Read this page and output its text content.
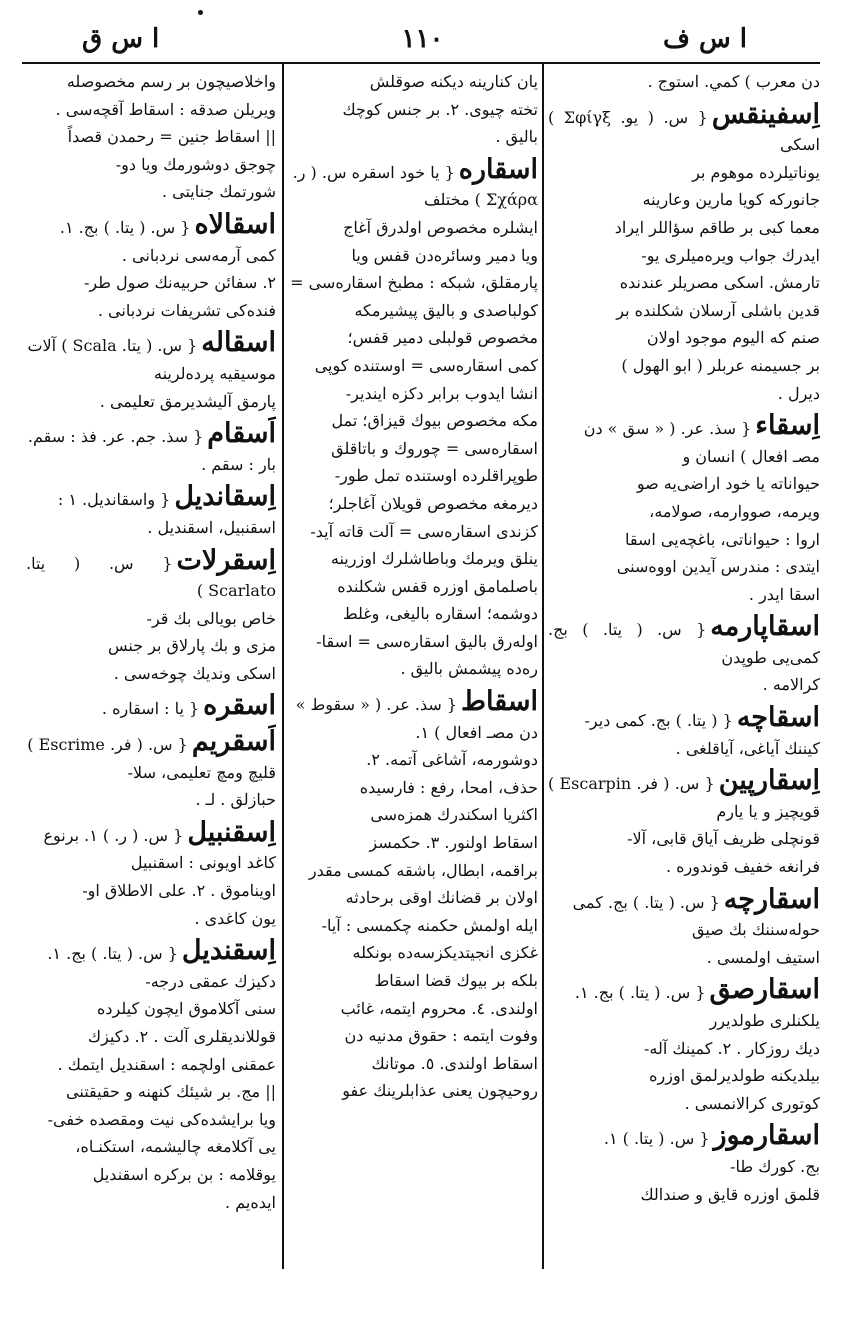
ا س ق	١١٠	ا س ف
دن معرب ) كمي. استوج .
اِسفينقس{ س. ( يو. Σφίγξ ) اسكی

يوناتيلرده موهوم بر
جانوركه كويا مارين وعارينه
معما كبی بر طاقم سؤاللر ايراد
ايدرك جواب ويره‌ميلری يو-
تارمش. اسكی مصريلر عندنده
قدين باشلی آرسلان شكلنده بر
صنم كه اليوم موجود اولان
بر جسيمنه عربلر ( ابو الهول )
ديرل .
اِسقاء{ سذ. عر. ( « سق » دن

مصـ افعال ) انسان و
حيواناته يا خود اراضی‌يه صو
ويرمه، صووارمه، صولامه،
اروا : حيواناتی، باغچه‌يی اسقا
ايتدی : مندرس آيدين اووه‌سنی
اسقا ايدر .
اسقاپارمه{ س. ( يتا. ) بج. كمی‌يی طوپدن

كرالامه .
اسقاچه{ ( يتا. ) بج. كمی دير-

كيننك آياغی، آياقلغی .
اِسقارپين{ س. ( فر. Escarpin ) قويچيز و يا يارم

قونچلی ظريف آياق قابی، آلا-
فرانغه خفيف قوندوره .
اسقارچه{ س. ( يتا. ) بج. كمی

حوله‌سننك بك صيق
استيف اولمسی .
اسقارصق{ س. ( يتا. ) بج. ١.

يلكنلری طولديرر
ديك روزكار . ٢. كمينك آله-
بيلديكنه طولديرلمق اوزره
كوتوری كرالانمسی .
اسقارموز{ س. ( يتا. ) ١.

بج. كورك طا-
قلمق اوزره قايق و صندالك
يان كنارينه ديكنه صوقلش
تخته چيوی. ٢. بر جنس كوچك
باليق .
اسقاره{ يا خود اسقره س. ( ر.

Σχάρα ) مختلف
ايشلره مخصوص اولدرق آغاج
ويا دمير وسائره‌دن قفس ويا
پارمقلق، شبكه : مطبخ اسقاره‌سی =
كولباصدی و باليق پيشيرمكه
مخصوص قولبلی دمير قفس؛
كمی اسقاره‌سی = اوستنده كوپی
انشا ايدوب برابر دكزه ايندير-
مكه مخصوص بيوك قيزاق؛ تمل
اسقاره‌سی = چوروك و باتاقلق
طوپراقلرده اوستنده تمل طور-
ديرمغه مخصوص قويلان آغاجلر؛
كزندی اسقاره‌سی = آلت قاته آيد-
ينلق ويرمك وباطاشلرك اوزرينه
باصلمامق اوزره قفس شكلنده
دوشمه؛ اسقاره باليغی، وغلط
اوله‌رق باليق اسقاره‌سی = اسقا-
ره‌ده پيشمش باليق .
اسقاط{ سذ. عر. ( « سقوط »

دن مصـ افعال ) ١.
دوشورمه، آشاغی آتمه. ٢.
حذف، امحا، رفع : فارسيده
اكثريا اسكندرك همزه‌سی
اسقاط اولنور. ٣. حكمسز
براقمه، ابطال، باشقه كمسی مقدر
اولان بر قضانك اوقی برحادثه
ايله اولمش حكمنه چكمسی : آيا-
غكزی انجيتديكزسه‌ده بونكله
بلكه بر بيوك قضا اسقاط
اولندی. ٤. محروم ايتمه، غائب
وفوت ايتمه : حقوق مدنيه دن
اسقاط اولندی. ٥. موتانك
روحيچون يعنی عذابلرينك عفو
واخلاصيچون بر رسم مخصوصله
ويريلن صدقه : اسقاط آقچه‌سی .
|| اسقاط جنين = رحمدن قصداً
چوجق دوشورمك ويا دو-
شورتمك جنايتی .
اسقالاه{ س. ( يتا. ) بج. ١.

كمی آرمه‌سی نردبانی .
٢. سفائن حربيه‌نك صول طر-
فنده‌كی تشريفات نردبانی .
اسقاله{ س. ( يتا. Scala ) آلات

موسيقيه پرده‌لرينه
پارمق آليشديرمق تعليمی .
اَسقام{ سذ. جم. عر. فذ : سقم.

بار : سقم .
اِسقانديل{ واسقانديل. ١ :

اسقنبيل، اسقنديل .
اِسقرلات{ س. ( يتا. Scarlato )

خاص بويالی بك قر-
مزی و بك پارلاق بر جنس
اسكی ونديك چوخه‌سی .
اسقره{ يا : اسقاره .

اَسقريم{ س. ( فر. Escrime )

قليچ ومچ تعليمی، سلا-
حبازلق . لـ .
اِسقنبيل{ س. ( ر. ) ١. برنوع

كاغد اويونی : اسقنبيل
اويناموق . ٢. علی الاطلاق او-
يون كاغدی .
اِسقنديل{ س. ( يتا. ) بج. ١.

دكيزك عمقی درجه-
سنی آكلاموق ايچون كيلرده
قوللانديقلری آلت . ٢. دكيزك
عمقنی اولچمه : اسقنديل ايتمك .
|| مج. بر شيئك كنهنه و حقيقتنی
ويا برايشده‌كی نيت ومقصده خفی-
يی آكلامغه چاليشمه، استكنـاه،
يوقلامه : بن بركره اسقنديل
ايده‌يم .
